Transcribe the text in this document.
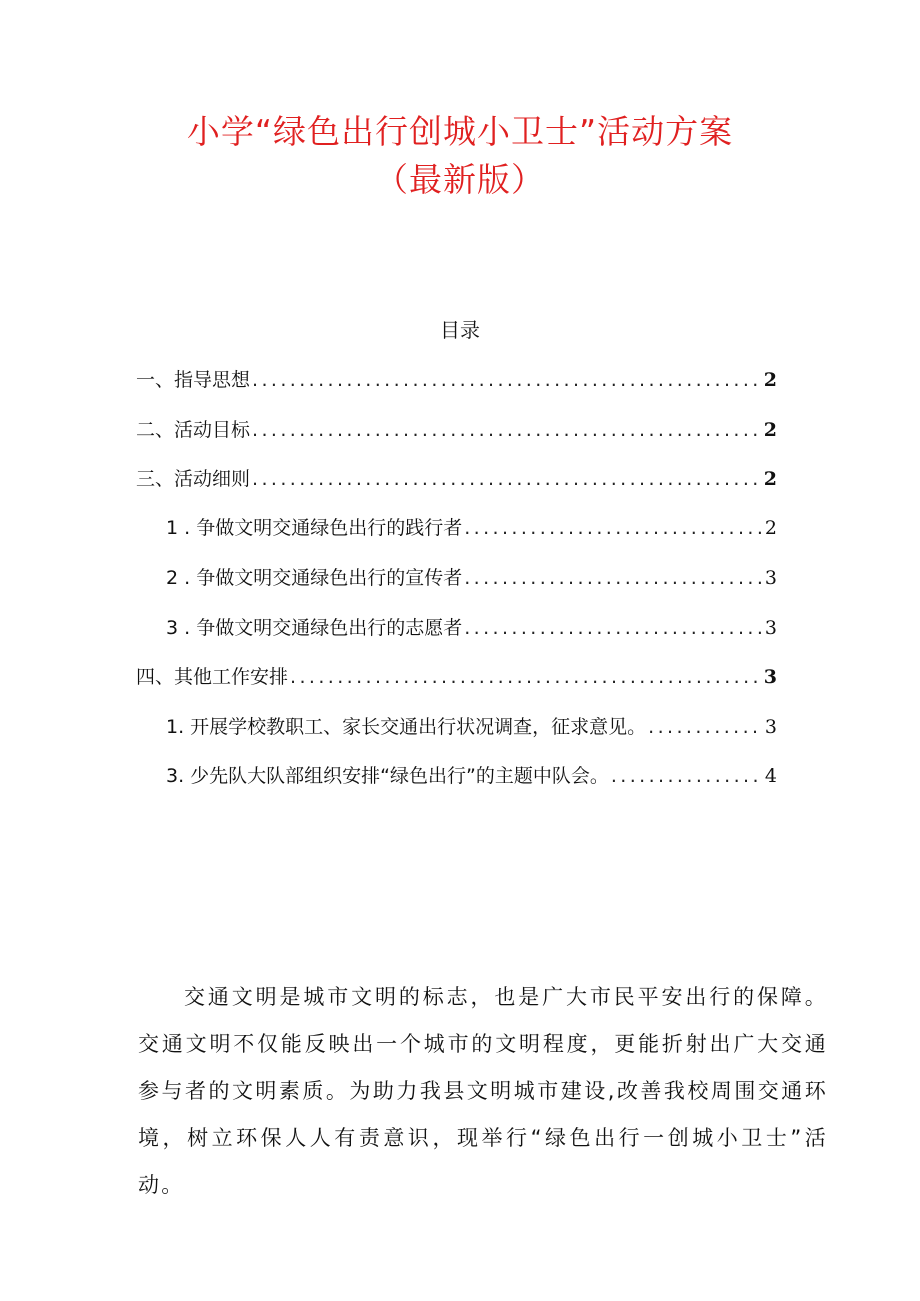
小学“绿色出行创城小卫士”活动方案
（最新版）
目录
一、指导思想 .....	2
二、活动目标 .....	2
三、活动细则 .....	2
1 . 争做文明交通绿色出行的践行者 .....	2
2 . 争做文明交通绿色出行的宣传者 .....	3
3 . 争做文明交通绿色出行的志愿者 .....	3
四、其他工作安排 .....	3
1. 开展学校教职工、家长交通出行状况调查，征求意见。 .....	3
3. 少先队大队部组织安排“绿色出行”的主题中队会。 .....	4

交通文明是城市文明的标志，也是广大市民平安出行的保障。交通文明不仅能反映出一个城市的文明程度，更能折射出广大交通参与者的文明素质。为助力我县文明城市建设,改善我校周围交通环境，树立环保人人有责意识，现举行“绿色出行一创城小卫士”活动。
